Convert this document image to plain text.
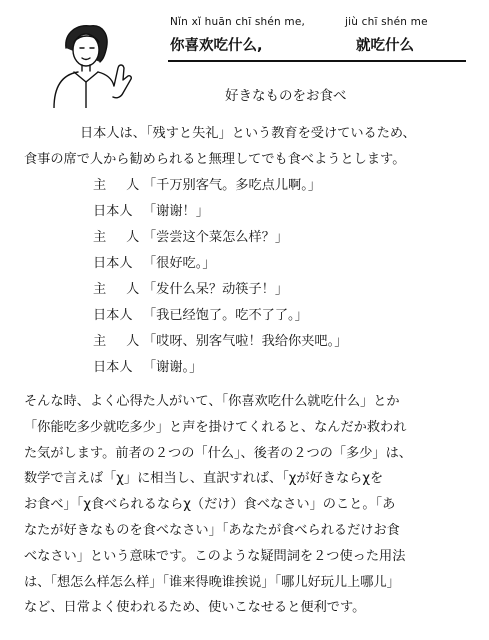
Nǐn xǐ huān chī shén me,	jiù chī shén me
你喜欢吃什么,	就吃什么
好きなものをお食べ
日本人は、「残すと失礼」という教育を受けているため、
食事の席で人から勧められると無理してでも食べようとします。
主人「千万别客气。多吃点儿啊。」
日本人 「谢谢！」
主人「尝尝这个菜怎么样？」
日本人 「很好吃。」
主人「发什么呆？动筷子！」
日本人 「我已经饱了。吃不了了。」
主人「哎呀、别客气啦！我给你夹吧。」
日本人 「谢谢。」
そんな時、よく心得た人がいて、「你喜欢吃什么就吃什么」とか
「你能吃多少就吃多少」と声を掛けてくれると、なんだか救われ
た気がします。前者の２つの「什么」、後者の２つの「多少」は、
数学で言えば「χ」に相当し、直訳すれば、「χが好きならχを
お食べ」「χ食べられるならχ（だけ）食べなさい」のこと。「あ
なたが好きなものを食べなさい」「あなたが食べられるだけお食
べなさい」という意味です。このような疑問詞を２つ使った用法
は、「想怎么样怎么样」「谁来得晚谁挨说」「哪儿好玩儿上哪儿」
など、日常よく使われるため、使いこなせると便利です。
